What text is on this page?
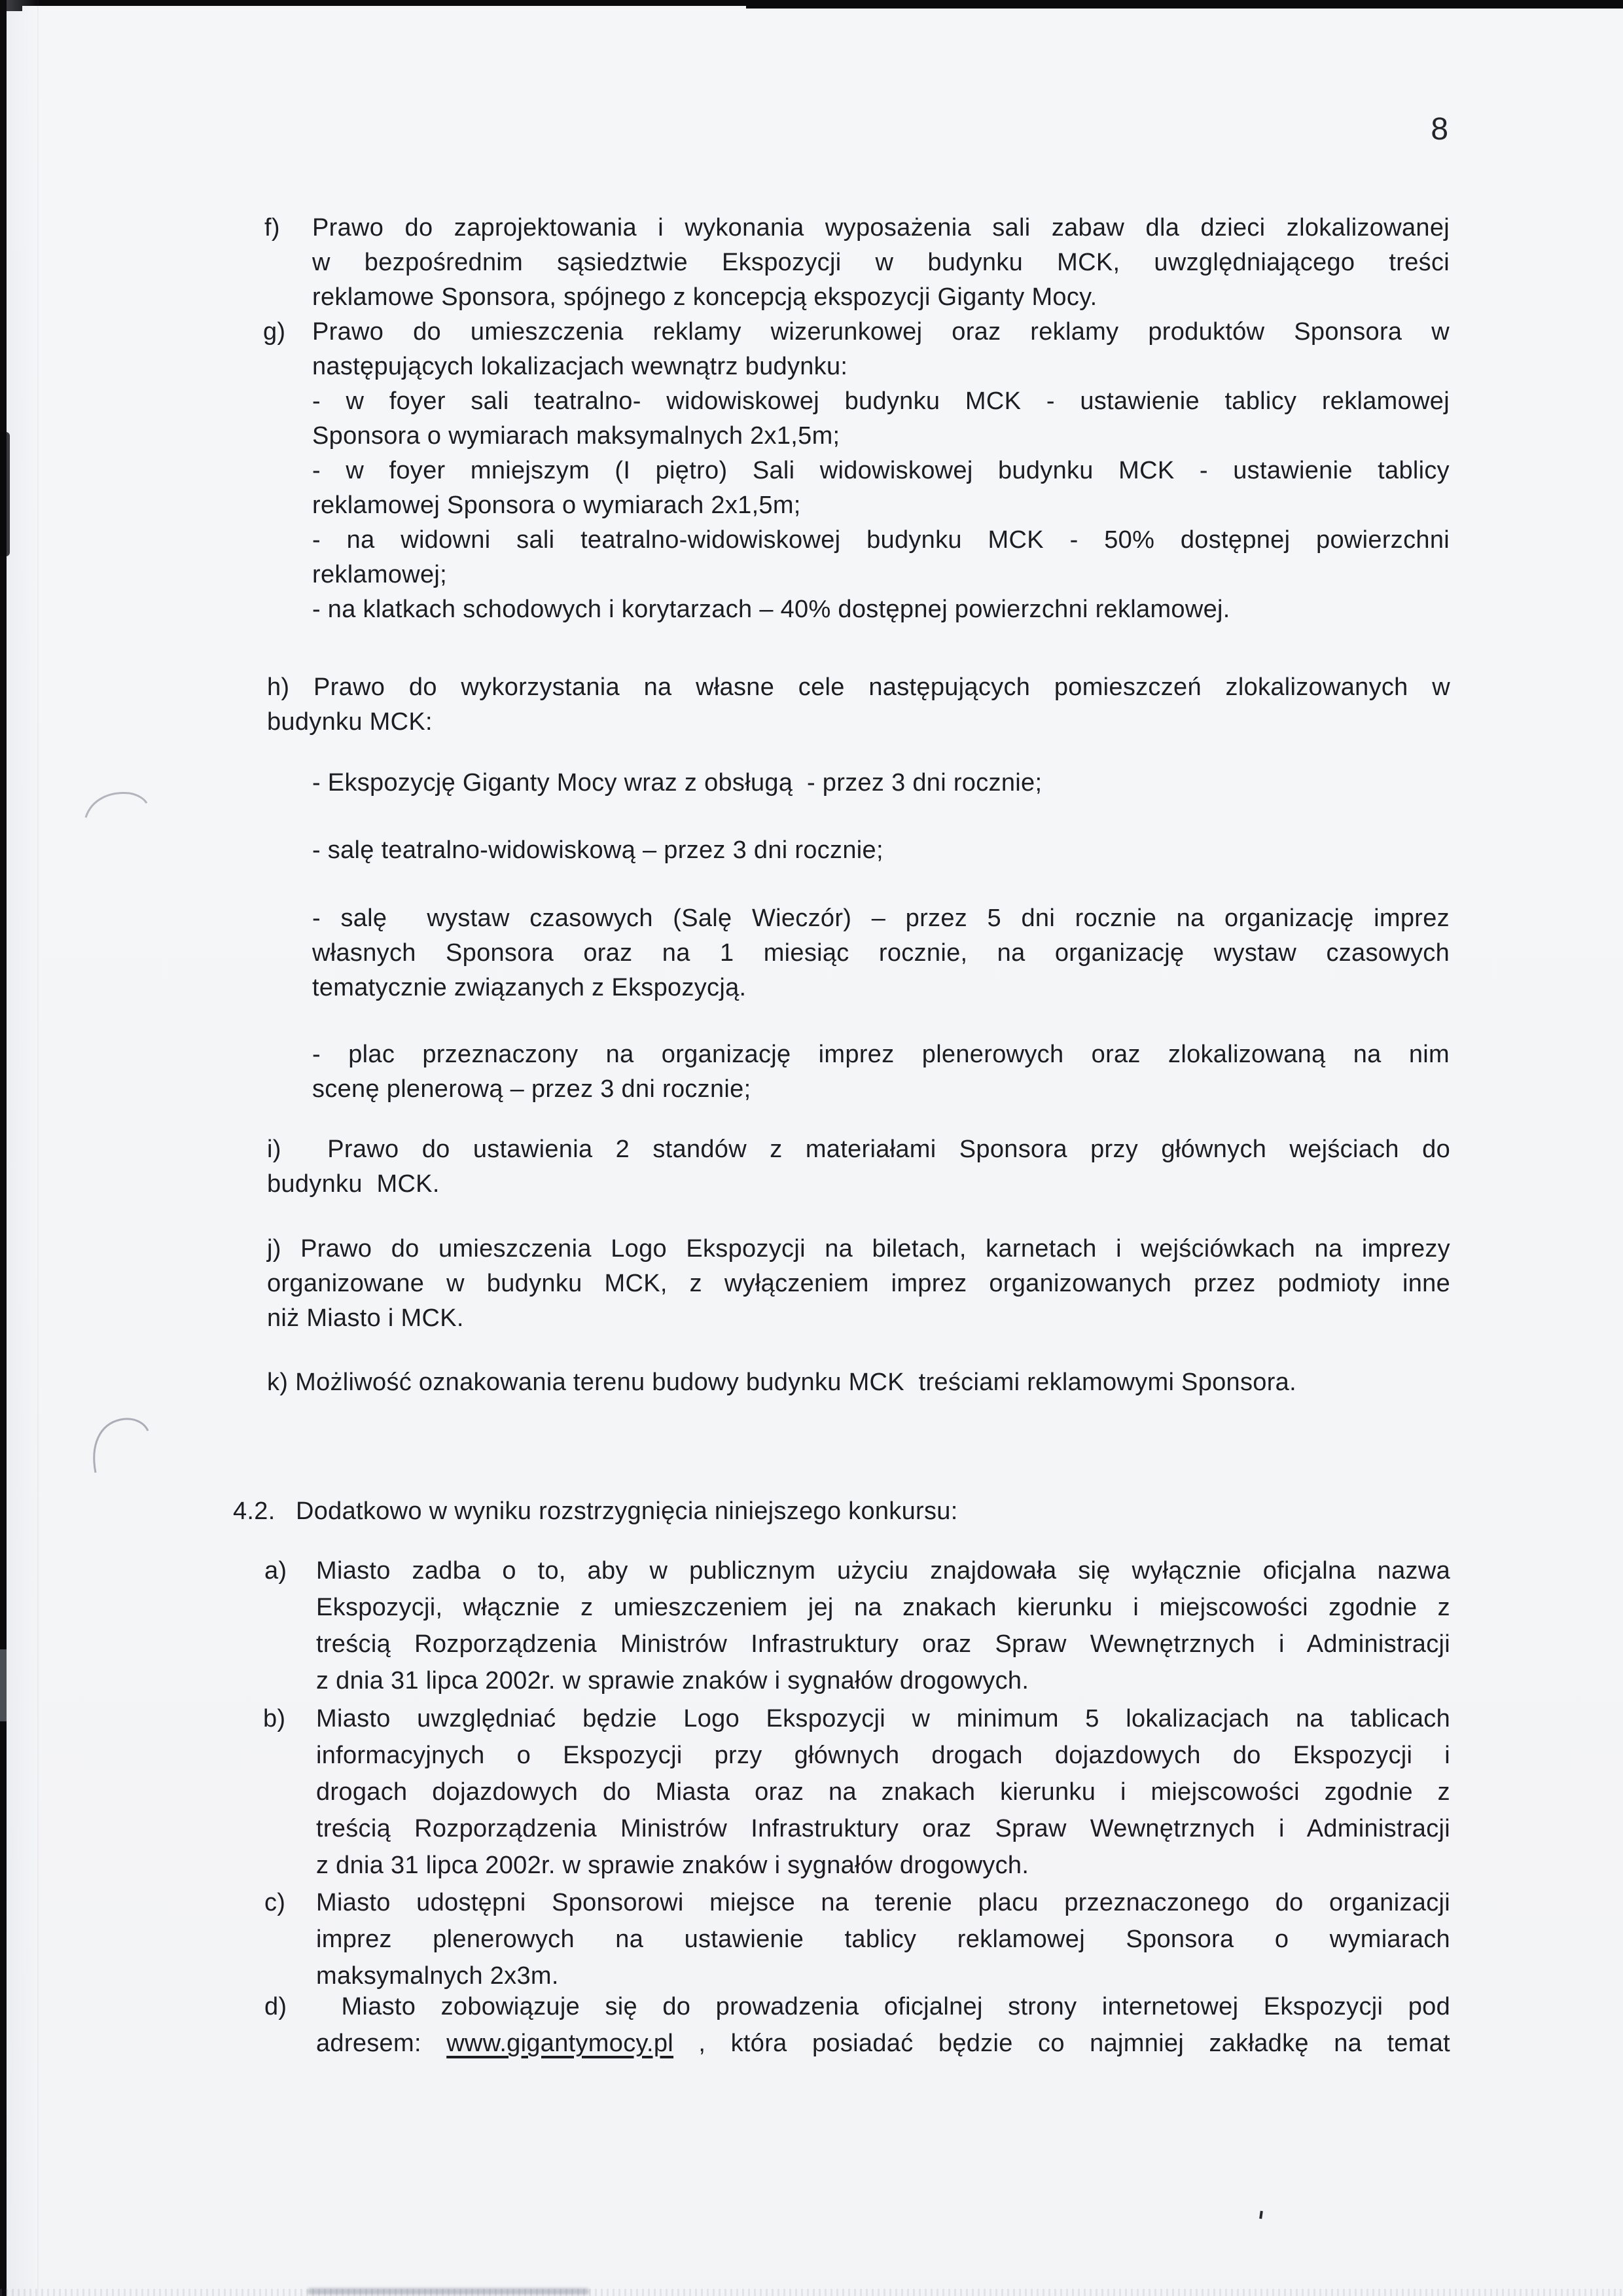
8
f) Prawo do zaprojektowania i wykonania wyposażenia sali zabaw dla dzieci zlokalizowanej
w bezpośrednim sąsiedztwie Ekspozycji w budynku MCK, uwzględniającego treści
reklamowe Sponsora, spójnego z koncepcją ekspozycji Giganty Mocy.
g) Prawo do umieszczenia reklamy wizerunkowej oraz reklamy produktów Sponsora w
następujących lokalizacjach wewnątrz budynku:
- w foyer sali teatralno- widowiskowej budynku MCK - ustawienie tablicy reklamowej
Sponsora o wymiarach maksymalnych 2x1,5m;
- w foyer mniejszym (I piętro) Sali widowiskowej budynku MCK - ustawienie tablicy
reklamowej Sponsora o wymiarach 2x1,5m;
- na widowni sali teatralno-widowiskowej budynku MCK - 50% dostępnej powierzchni
reklamowej;
- na klatkach schodowych i korytarzach – 40% dostępnej powierzchni reklamowej.
h) Prawo do wykorzystania na własne cele następujących pomieszczeń zlokalizowanych w
budynku MCK:
- Ekspozycję Giganty Mocy wraz z obsługą  - przez 3 dni rocznie;
- salę teatralno-widowiskową – przez 3 dni rocznie;
- salę  wystaw czasowych (Salę Wieczór) – przez 5 dni rocznie na organizację imprez
własnych Sponsora oraz na 1 miesiąc rocznie, na organizację wystaw czasowych
tematycznie związanych z Ekspozycją.
- plac przeznaczony na organizację imprez plenerowych oraz zlokalizowaną na nim
scenę plenerową – przez 3 dni rocznie;
i)  Prawo do ustawienia 2 standów z materiałami Sponsora przy głównych wejściach do
budynku  MCK.
j) Prawo do umieszczenia Logo Ekspozycji na biletach, karnetach i wejściówkach na imprezy
organizowane w budynku MCK, z wyłączeniem imprez organizowanych przez podmioty inne
niż Miasto i MCK.
k) Możliwość oznakowania terenu budowy budynku MCK  treściami reklamowymi Sponsora.
4.2. Dodatkowo w wyniku rozstrzygnięcia niniejszego konkursu:
a) Miasto zadba o to, aby w publicznym użyciu znajdowała się wyłącznie oficjalna nazwa
Ekspozycji, włącznie z umieszczeniem jej na znakach kierunku i miejscowości zgodnie z
treścią Rozporządzenia Ministrów Infrastruktury oraz Spraw Wewnętrznych i Administracji
z dnia 31 lipca 2002r. w sprawie znaków i sygnałów drogowych.
b) Miasto uwzględniać będzie Logo Ekspozycji w minimum 5 lokalizacjach na tablicach
informacyjnych o Ekspozycji przy głównych drogach dojazdowych do Ekspozycji i
drogach dojazdowych do Miasta oraz na znakach kierunku i miejscowości zgodnie z
treścią Rozporządzenia Ministrów Infrastruktury oraz Spraw Wewnętrznych i Administracji
z dnia 31 lipca 2002r. w sprawie znaków i sygnałów drogowych.
c) Miasto udostępni Sponsorowi miejsce na terenie placu przeznaczonego do organizacji
imprez plenerowych na ustawienie tablicy reklamowej Sponsora o wymiarach
maksymalnych 2x3m.
d) Miasto zobowiązuje się do prowadzenia oficjalnej strony internetowej Ekspozycji pod
adresem: www.gigantymocy.pl , która posiadać będzie co najmniej zakładkę na temat
